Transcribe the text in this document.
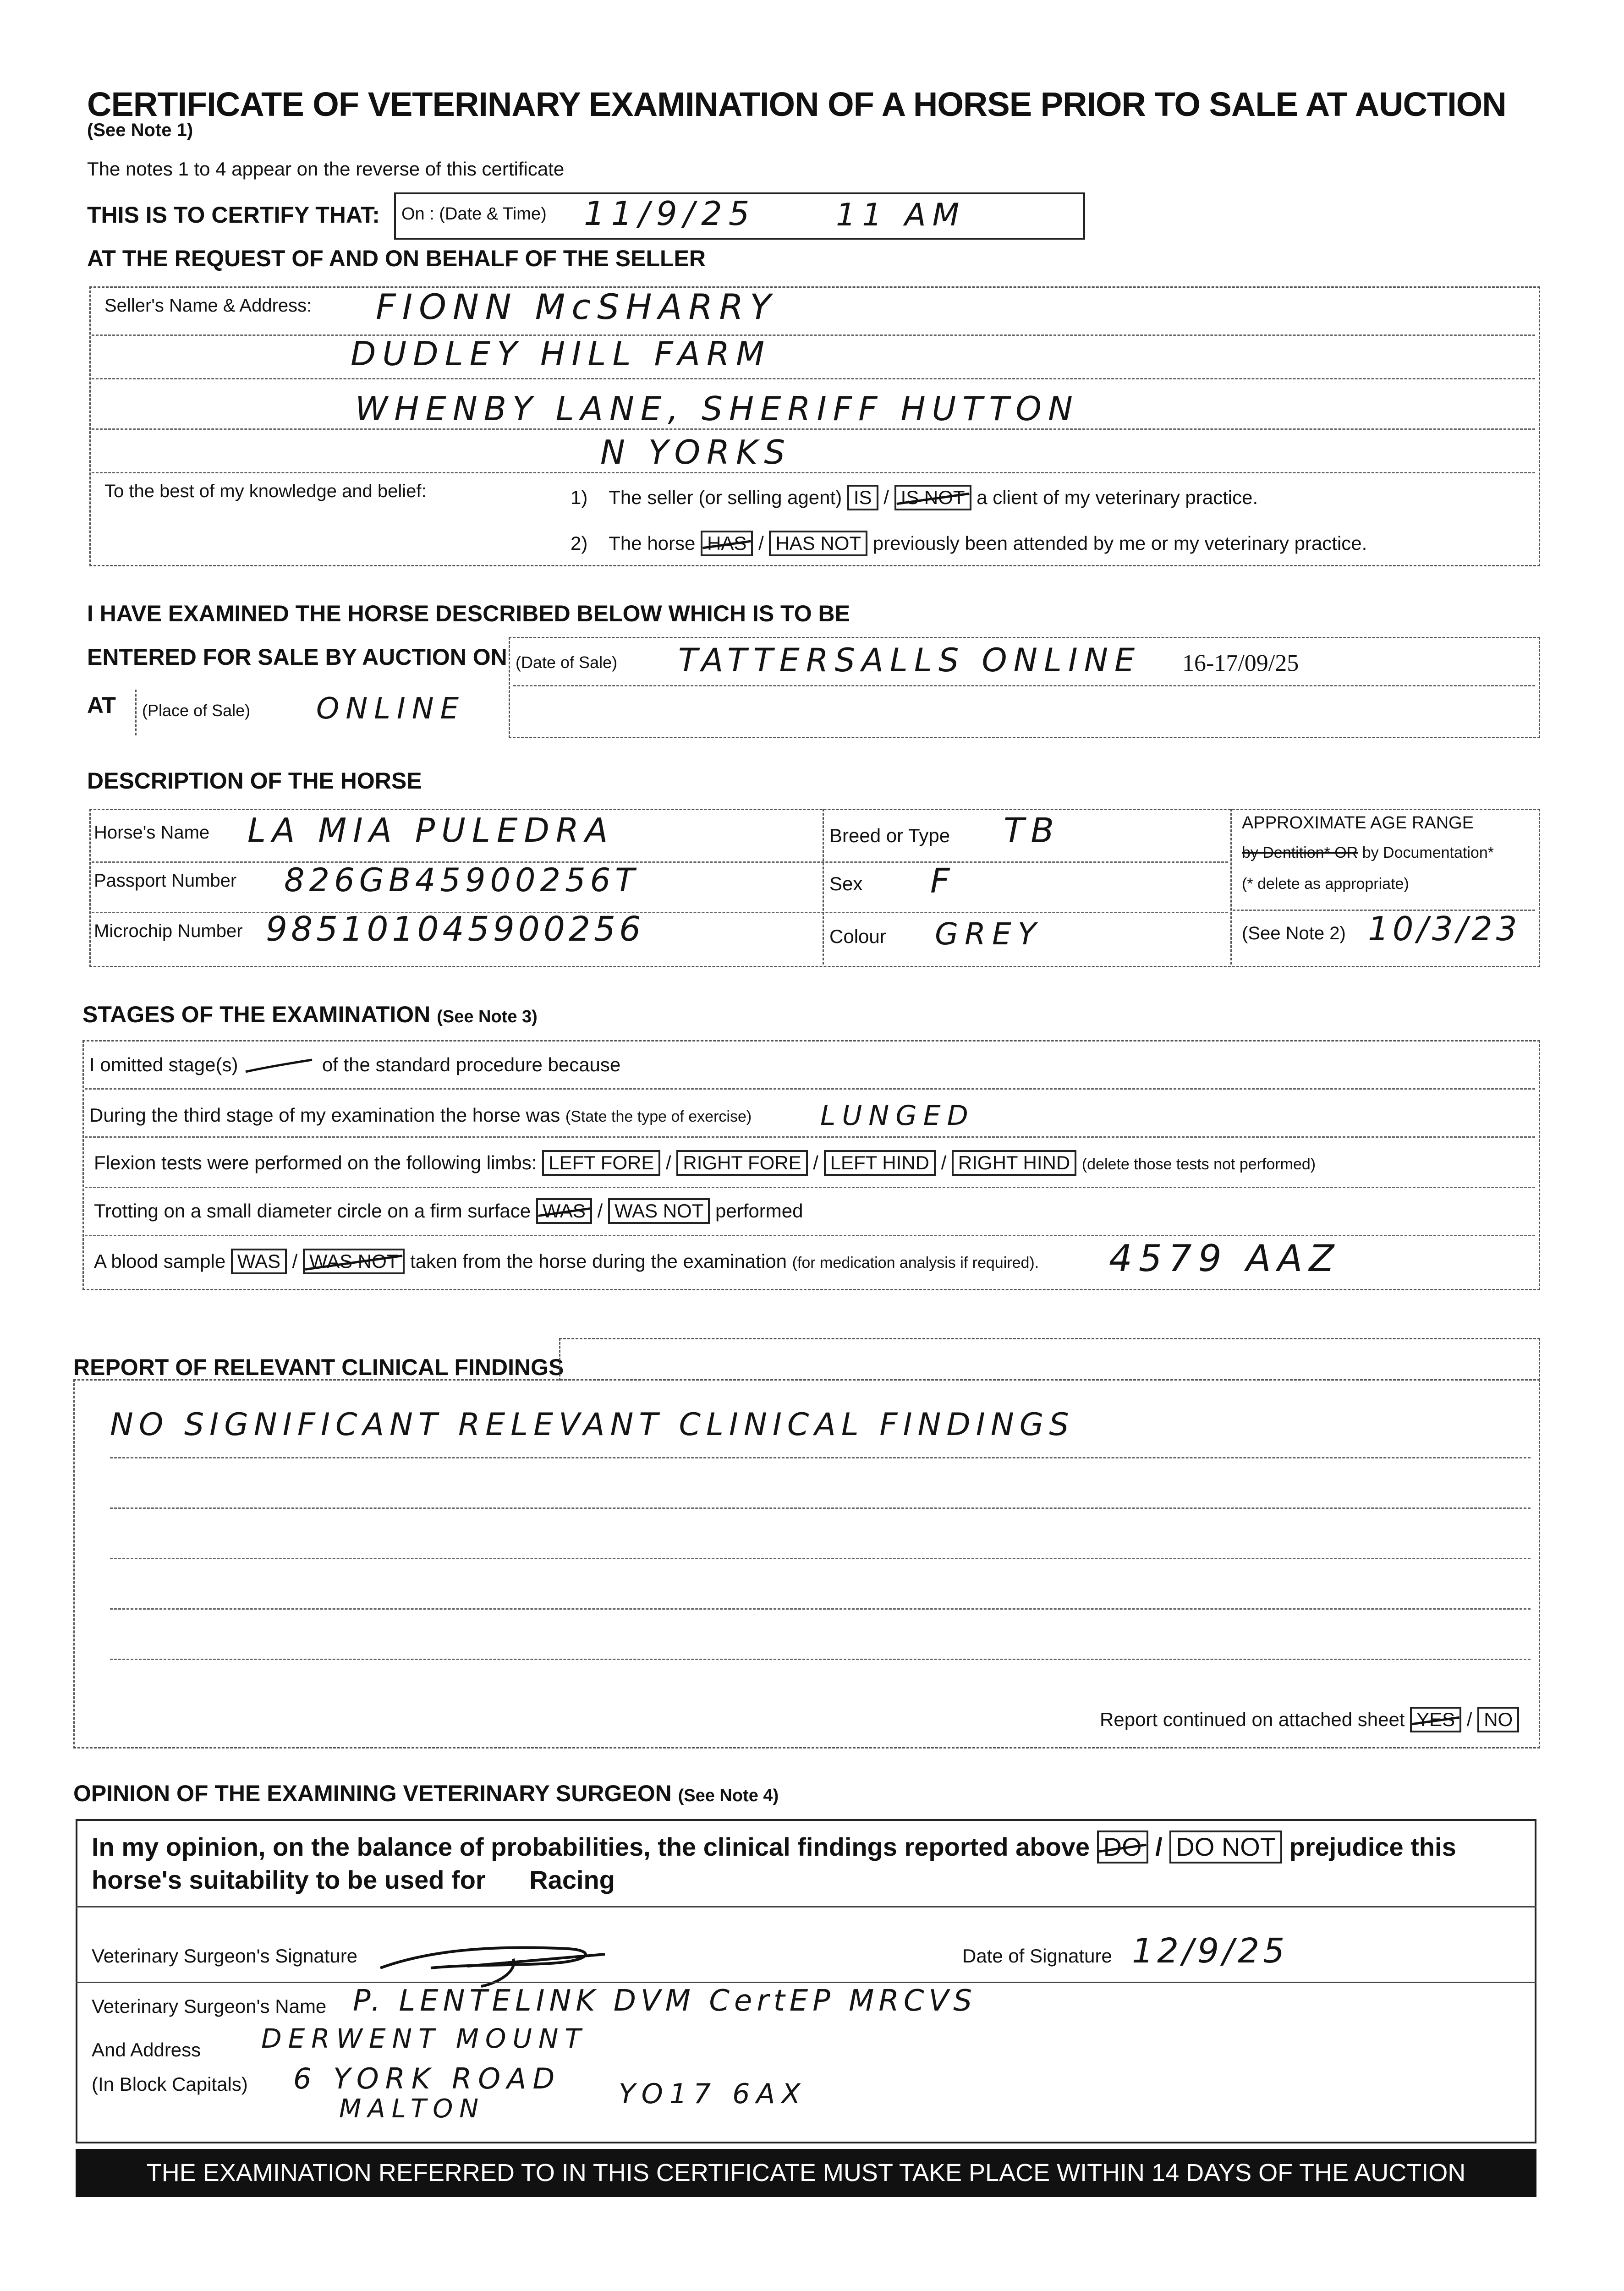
CERTIFICATE OF VETERINARY EXAMINATION OF A HORSE PRIOR TO SALE AT AUCTION
(See Note 1)
The notes 1 to 4 appear on the reverse of this certificate
THIS IS TO CERTIFY THAT: On : (Date & Time) 11/9/25	11 AM
AT THE REQUEST OF AND ON BEHALF OF THE SELLER
Seller's Name & Address: FIONN McSHARRY
DUDLEY HILL FARM
WHENBY LANE, SHERIFF HUTTON
N YORKS
To the best of my knowledge and belief:	1) The seller (or selling agent) IS / IS NOT a client of my veterinary practice.
2) The horse HAS / HAS NOT previously been attended by me or my veterinary practice.
I HAVE EXAMINED THE HORSE DESCRIBED BELOW WHICH IS TO BE
ENTERED FOR SALE BY AUCTION ON (Date of Sale) TATTERSALLS ONLINE 16-17/09/25
AT (Place of Sale) ONLINE
DESCRIPTION OF THE HORSE
Horse's Name LA MIA PULEDRA
Passport Number 826GB45900256T
Microchip Number 985101045900256
Breed or Type TB
Sex F
Colour GREY
APPROXIMATE AGE RANGE
by Dentition* OR by Documentation*
(* delete as appropriate)
(See Note 2) 10/3/23
STAGES OF THE EXAMINATION (See Note 3)
I omitted stage(s)	of the standard procedure because
During the third stage of my examination the horse was (State the type of exercise) LUNGED
Flexion tests were performed on the following limbs: LEFT FORE / RIGHT FORE / LEFT HIND / RIGHT HIND (delete those tests not performed)
Trotting on a small diameter circle on a firm surface WAS / WAS NOT performed
A blood sample WAS / WAS NOT taken from the horse during the examination (for medication analysis if required). 4579 AAZ
REPORT OF RELEVANT CLINICAL FINDINGS
NO SIGNIFICANT RELEVANT CLINICAL FINDINGS
Report continued on attached sheet YES / NO
OPINION OF THE EXAMINING VETERINARY SURGEON (See Note 4)
In my opinion, on the balance of probabilities, the clinical findings reported above DO / DO NOT prejudice this
horse's suitability to be used for Racing
Veterinary Surgeon's Signature	Date of Signature 12/9/25
Veterinary Surgeon's Name P. LENTELINK DVM CertEP MRCVS
And Address
(In Block Capitals)
DERWENT MOUNT
6 YORK ROAD
MALTON	YO17 6AX
THE EXAMINATION REFERRED TO IN THIS CERTIFICATE MUST TAKE PLACE WITHIN 14 DAYS OF THE AUCTION
